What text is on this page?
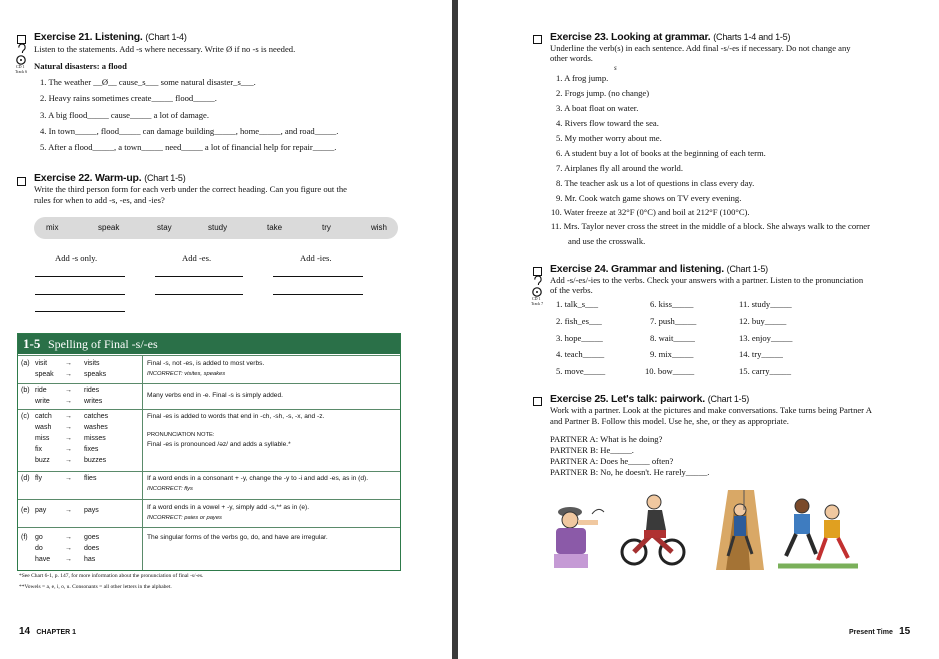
Exercise 21. Listening. (Chart 1-4)
Listen to the statements. Add -s where necessary. Write Ø if no -s is needed.
CD 1
Track 6
Natural disasters: a flood
1. The weather __Ø__ cause_s___ some natural disaster_s___.
2. Heavy rains sometimes create_____ flood_____.
3. A big flood_____ cause_____ a lot of damage.
4. In town_____, flood_____ can damage building_____, home_____, and road_____.
5. After a flood_____, a town_____ need_____ a lot of financial help for repair_____.
Exercise 22. Warm-up. (Chart 1-5)
Write the third person form for each verb under the correct heading. Can you figure out the
rules for when to add -s, -es, and -ies?
mix	speak	stay	study	take	try	wish
Add -s only.	Add -es.	Add -ies.
1-5 Spelling of Final -s/-es
(a) visit	→ visits
speak → speaks
Final -s, not -es, is added to most verbs.
INCORRECT: visites, speakes
(b) ride	→ rides
write → writes
Many verbs end in -e. Final -s is simply added.
(c) catch → catches
wash → washes
miss → misses
fix	→ fixes
buzz → buzzes
Final -es is added to words that end in -ch, -sh, -s, -x, and -z.
PRONUNCIATION NOTE:
Final -es is pronounced /əz/ and adds a syllable.*
(d) fly	→ flies	If a word ends in a consonant + -y, change the -y to -i and add -es, as in (d).
INCORRECT: flys
(e) pay	→ pays	If a word ends in a vowel + -y, simply add -s,** as in (e).
INCORRECT: paies or payes
(f) go	→ goes
do	→ does
have → has
The singular forms of the verbs go, do, and have are irregular.
*See Chart 6-1, p. 147, for more information about the pronunciation of final -s/-es.
**Vowels = a, e, i, o, u. Consonants = all other letters in the alphabet.
14 CHAPTER 1
Exercise 23. Looking at grammar. (Charts 1-4 and 1-5)
Underline the verb(s) in each sentence. Add final -s/-es if necessary. Do not change any
other words.
s
1. A frog jump.
2. Frogs jump. (no change)
3. A boat float on water.
4. Rivers flow toward the sea.
5. My mother worry about me.
6. A student buy a lot of books at the beginning of each term.
7. Airplanes fly all around the world.
8. The teacher ask us a lot of questions in class every day.
9. Mr. Cook watch game shows on TV every evening.
10. Water freeze at 32°F (0°C) and boil at 212°F (100°C).
11. Mrs. Taylor never cross the street in the middle of a block. She always walk to the corner
and use the crosswalk.
Exercise 24. Grammar and listening. (Chart 1-5)
Add -s/-es/-ies to the verbs. Check your answers with a partner. Listen to the pronunciation
of the verbs.
CD 1
Track 7 1. talk_s___
2. fish_es___
3. hope_____
4. teach_____
5. move_____
6. kiss_____
7. push_____
8. wait_____
9. mix_____
10. bow_____
11. study_____
12. buy_____
13. enjoy_____
14. try_____
15. carry_____
Exercise 25. Let's talk: pairwork. (Chart 1-5)
Work with a partner. Look at the pictures and make conversations. Take turns being Partner A
and Partner B. Follow this model. Use he, she, or they as appropriate.
PARTNER A: What is he doing?
PARTNER B: He_____.
PARTNER A: Does he_____ often?
PARTNER B: No, he doesn't. He rarely_____.
Present Time 15
